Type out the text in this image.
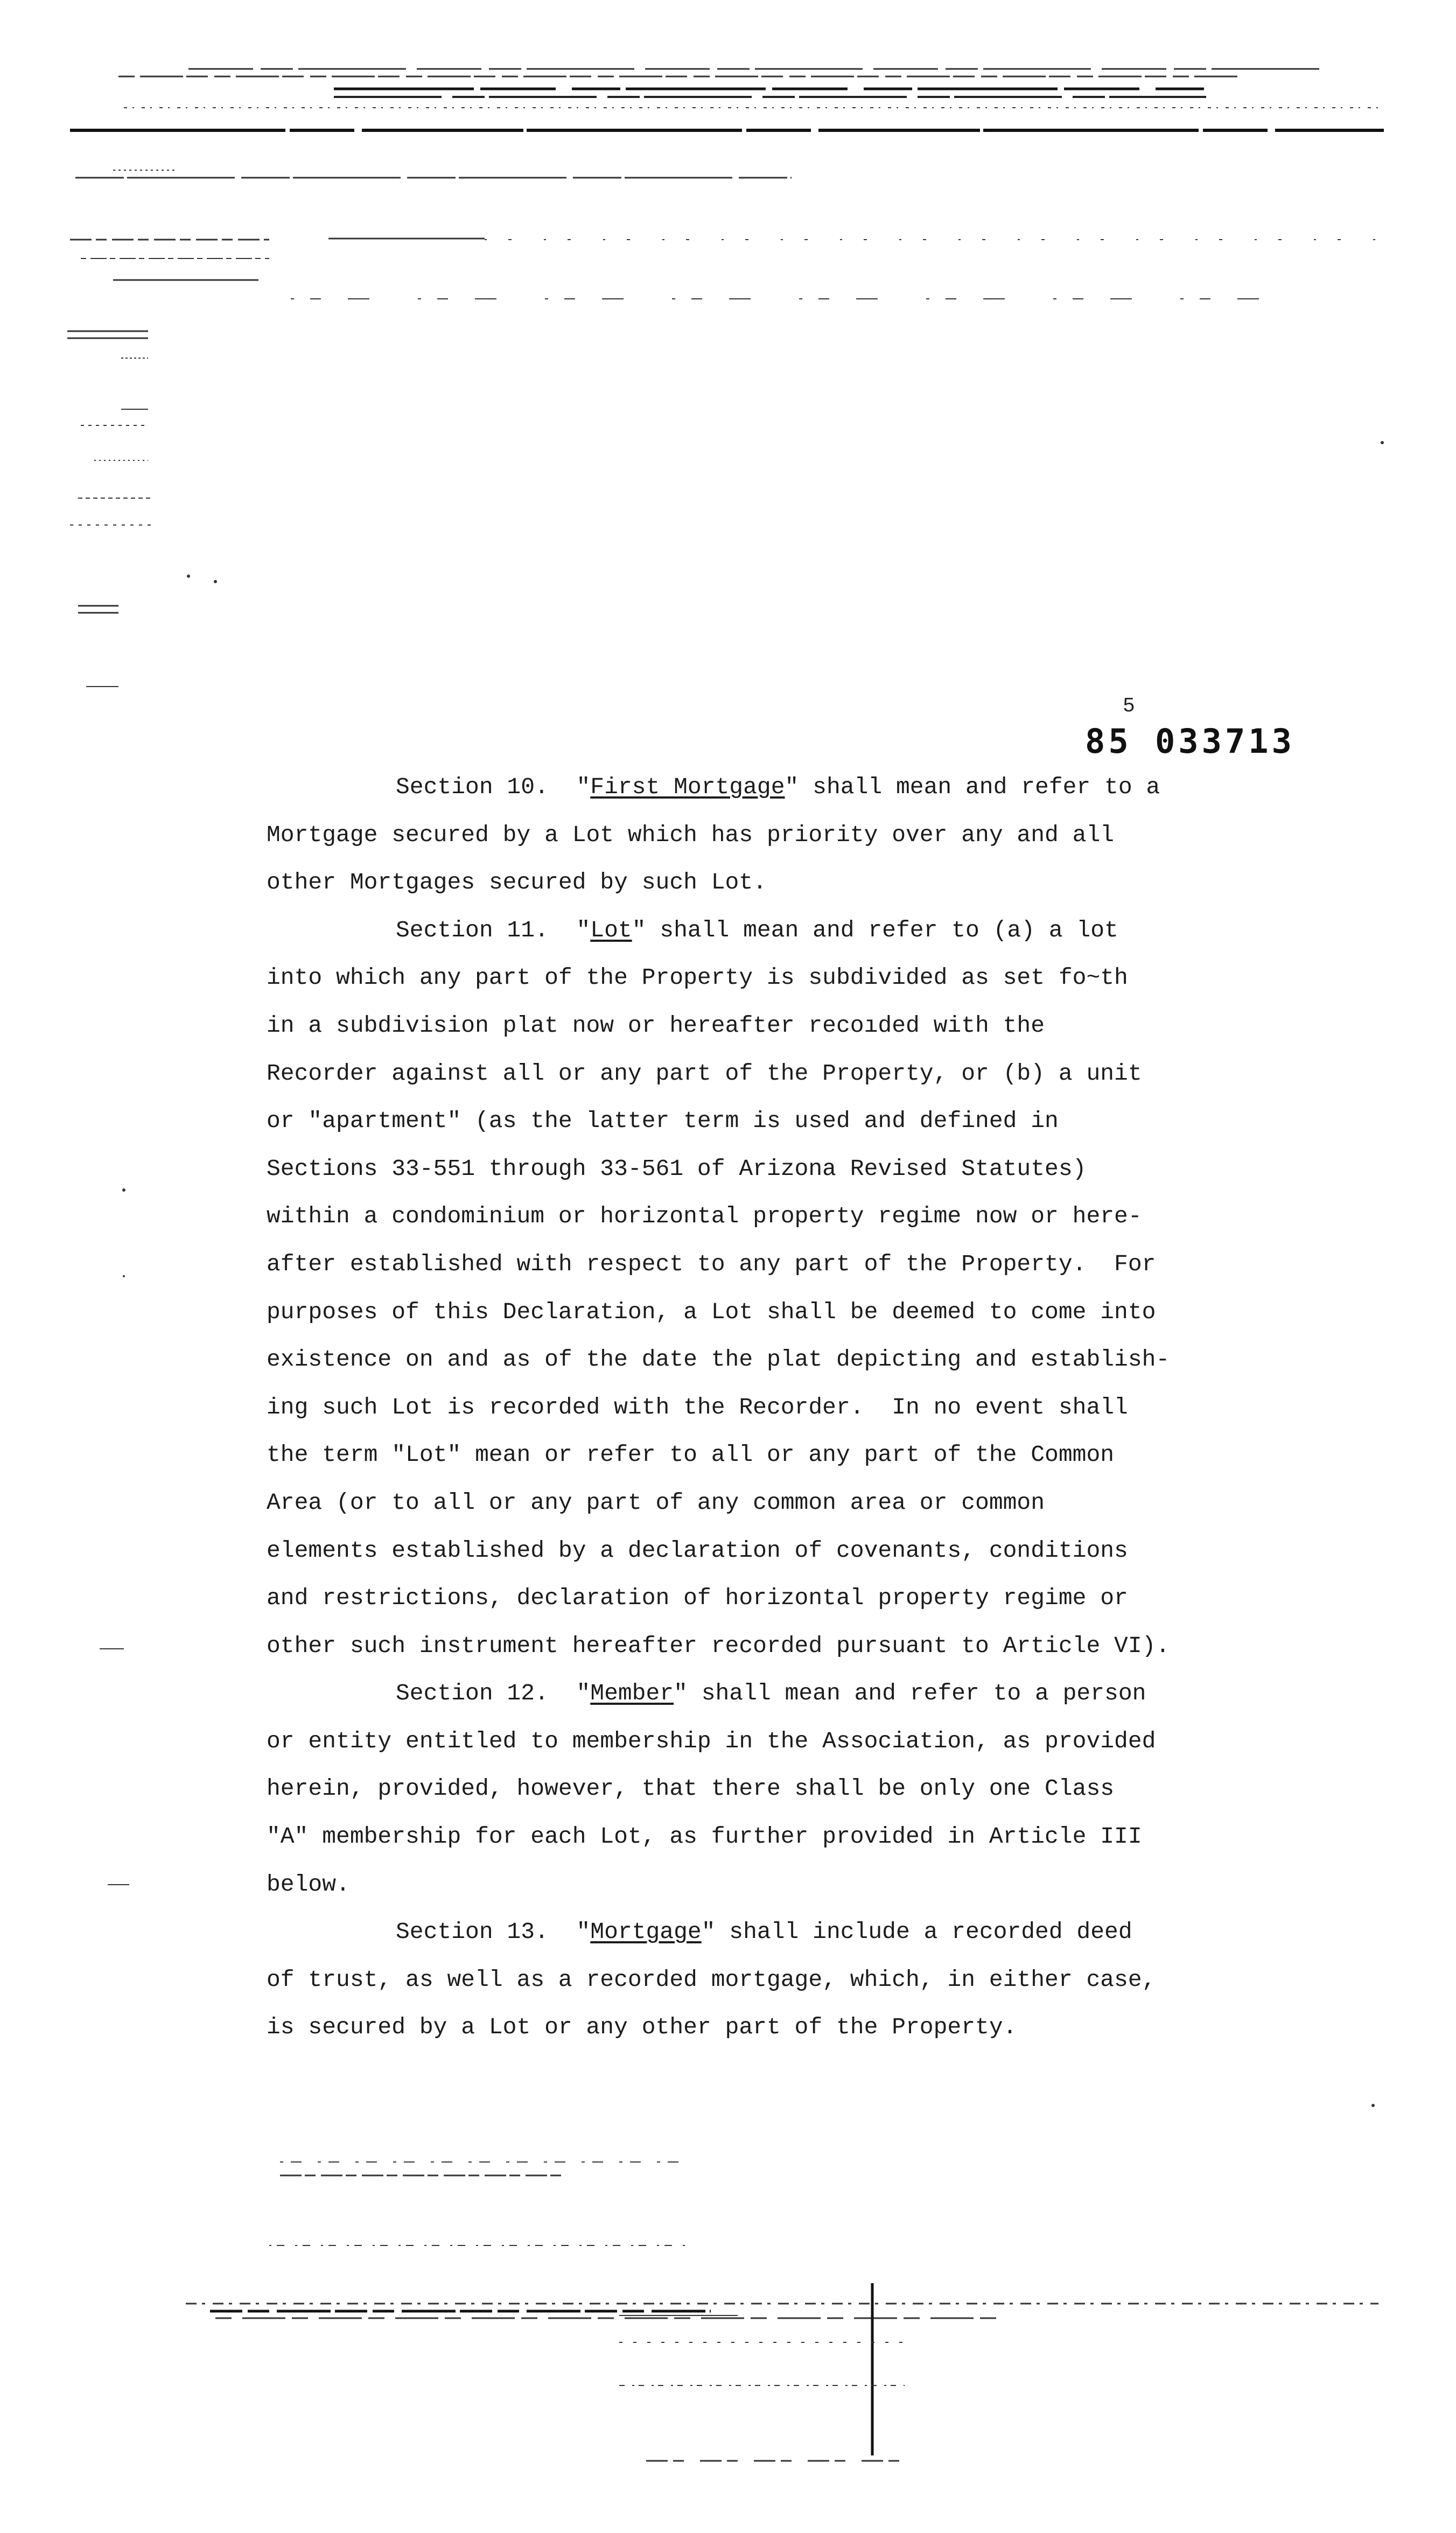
5
85 033713
Section 10.  "First Mortgage" shall mean and refer to a
Mortgage secured by a Lot which has priority over any and all
other Mortgages secured by such Lot.
Section 11.  "Lot" shall mean and refer to (a) a lot
into which any part of the Property is subdivided as set fo~th
in a subdivision plat now or hereafter recoıded with the
Recorder against all or any part of the Property, or (b) a unit
or "apartment" (as the latter term is used and defined in
Sections 33-551 through 33-561 of Arizona Revised Statutes)
within a condominium or horizontal property regime now or here-
after established with respect to any part of the Property.  For
purposes of this Declaration, a Lot shall be deemed to come into
existence on and as of the date the plat depicting and establish-
ing such Lot is recorded with the Recorder.  In no event shall
the term "Lot" mean or refer to all or any part of the Common
Area (or to all or any part of any common area or common
elements established by a declaration of covenants, conditions
and restrictions, declaration of horizontal property regime or
other such instrument hereafter recorded pursuant to Article VI).
Section 12.  "Member" shall mean and refer to a person
or entity entitled to membership in the Association, as provided
herein, provided, however, that there shall be only one Class
"A" membership for each Lot, as further provided in Article III
below.
Section 13.  "Mortgage" shall include a recorded deed
of trust, as well as a recorded mortgage, which, in either case,
is secured by a Lot or any other part of the Property.
